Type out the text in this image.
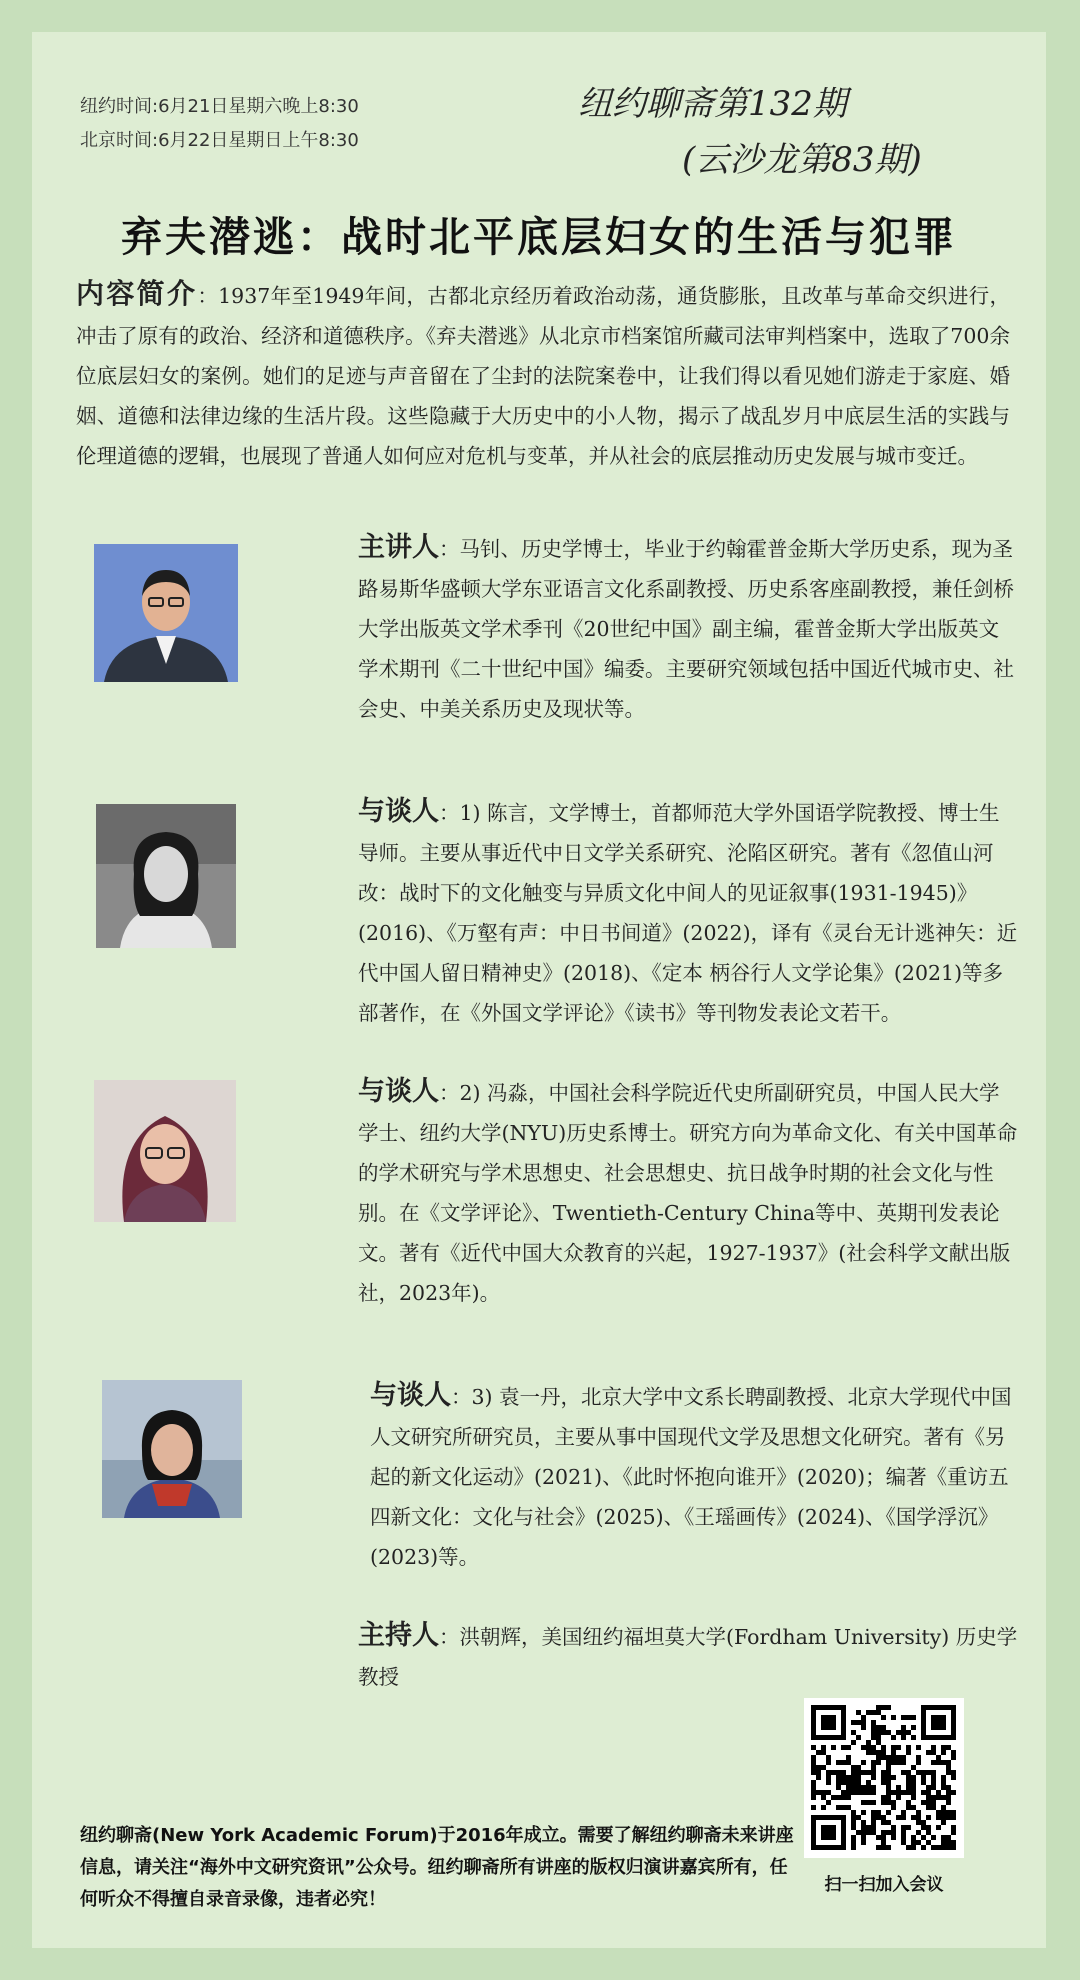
纽约时间:6月21日星期六晚上8:30
北京时间:6月22日星期日上午8:30
纽约聊斋第132期
(云沙龙第83期)
弃夫潜逃：战时北平底层妇女的生活与犯罪
内容简介：1937年至1949年间，古都北京经历着政治动荡，通货膨胀，且改革与革命交织进行，冲击了原有的政治、经济和道德秩序。《弃夫潜逃》从北京市档案馆所藏司法审判档案中，选取了700余位底层妇女的案例。她们的足迹与声音留在了尘封的法院案卷中，让我们得以看见她们游走于家庭、婚姻、道德和法律边缘的生活片段。这些隐藏于大历史中的小人物，揭示了战乱岁月中底层生活的实践与伦理道德的逻辑，也展现了普通人如何应对危机与变革，并从社会的底层推动历史发展与城市变迁。
主讲人：马钊、历史学博士，毕业于约翰霍普金斯大学历史系，现为圣路易斯华盛顿大学东亚语言文化系副教授、历史系客座副教授，兼任剑桥大学出版英文学术季刊《20世纪中国》副主编，霍普金斯大学出版英文学术期刊《二十世纪中国》编委。主要研究领域包括中国近代城市史、社会史、中美关系历史及现状等。
与谈人：1) 陈言，文学博士，首都师范大学外国语学院教授、博士生导师。主要从事近代中日文学关系研究、沦陷区研究。著有《忽值山河改：战时下的文化触变与异质文化中间人的见证叙事(1931-1945)》(2016)、《万壑有声：中日书间道》(2022)，译有《灵台无计逃神矢：近代中国人留日精神史》(2018)、《定本 柄谷行人文学论集》(2021)等多部著作，在《外国文学评论》《读书》等刊物发表论文若干。
与谈人：2) 冯淼，中国社会科学院近代史所副研究员，中国人民大学学士、纽约大学(NYU)历史系博士。研究方向为革命文化、有关中国革命的学术研究与学术思想史、社会思想史、抗日战争时期的社会文化与性别。在《文学评论》、Twentieth-Century China等中、英期刊发表论文。著有《近代中国大众教育的兴起，1927-1937》(社会科学文献出版社，2023年)。
与谈人：3) 袁一丹，北京大学中文系长聘副教授、北京大学现代中国人文研究所研究员，主要从事中国现代文学及思想文化研究。著有《另起的新文化运动》(2021)、《此时怀抱向谁开》(2020)；编著《重访五四新文化：文化与社会》(2025)、《王瑶画传》(2024)、《国学浮沉》(2023)等。
主持人：洪朝辉，美国纽约福坦莫大学(Fordham University) 历史学教授
纽约聊斋(New York Academic Forum)于2016年成立。需要了解纽约聊斋未来讲座信息，请关注“海外中文研究资讯”公众号。纽约聊斋所有讲座的版权归演讲嘉宾所有，任何听众不得擅自录音录像，违者必究！
扫一扫加入会议
